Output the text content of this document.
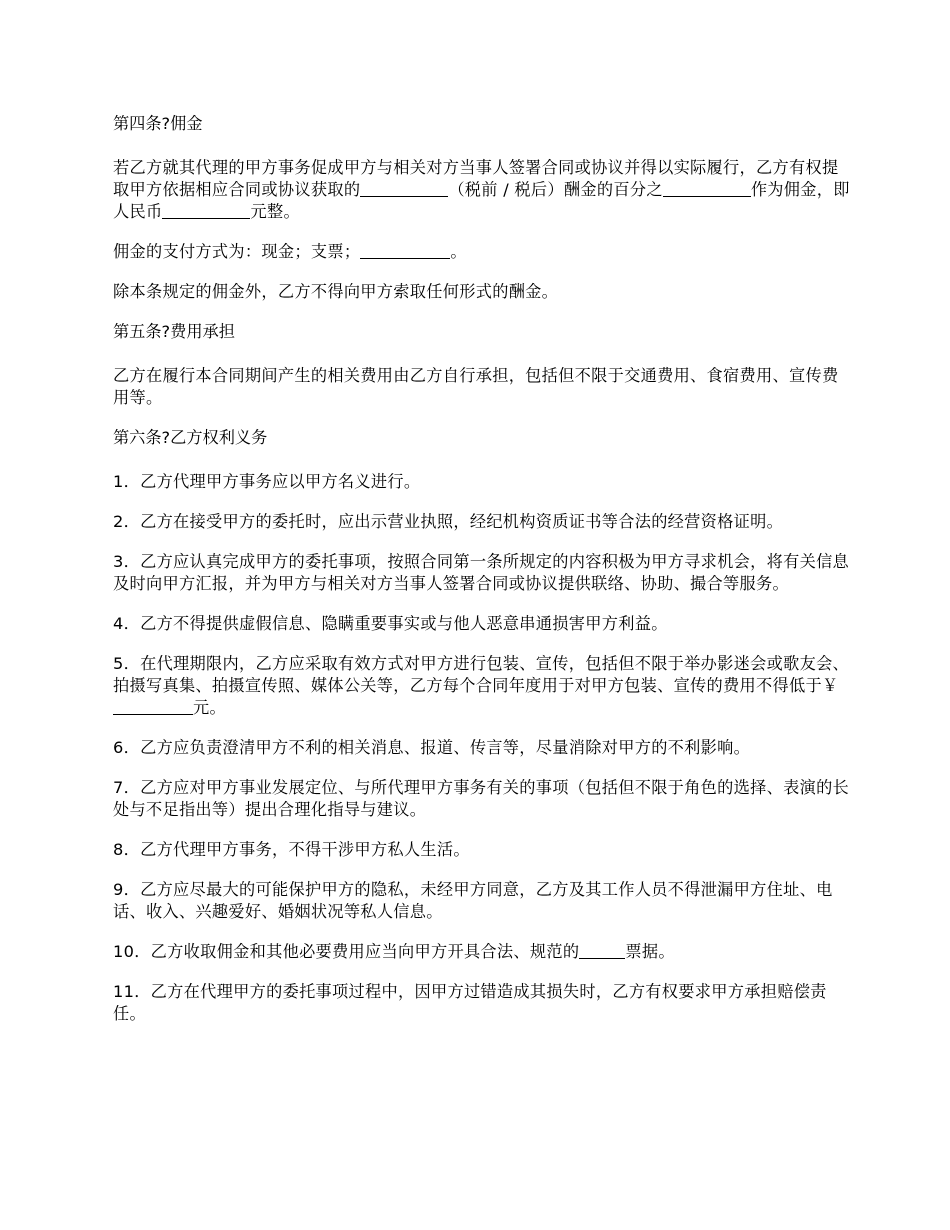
第四条?佣金

若乙方就其代理的甲方事务促成甲方与相关对方当事人签署合同或协议并得以实际履行，乙方有权提取甲方依据相应合同或协议获取的	（税前 / 税后）酬金的百分之	作为佣金，即人民币	元整。

佣金的支付方式为：现金；支票；	。

除本条规定的佣金外，乙方不得向甲方索取任何形式的酬金。

第五条?费用承担

乙方在履行本合同期间产生的相关费用由乙方自行承担，包括但不限于交通费用、食宿费用、宣传费用等。

第六条?乙方权利义务

1．乙方代理甲方事务应以甲方名义进行。

2．乙方在接受甲方的委托时，应出示营业执照，经纪机构资质证书等合法的经营资格证明。

3．乙方应认真完成甲方的委托事项，按照合同第一条所规定的内容积极为甲方寻求机会，将有关信息及时向甲方汇报，并为甲方与相关对方当事人签署合同或协议提供联络、协助、撮合等服务。

4．乙方不得提供虚假信息、隐瞒重要事实或与他人恶意串通损害甲方利益。

5．在代理期限内，乙方应采取有效方式对甲方进行包装、宣传，包括但不限于举办影迷会或歌友会、拍摄写真集、拍摄宣传照、媒体公关等，乙方每个合同年度用于对甲方包装、宣传的费用不得低于￥元。

6．乙方应负责澄清甲方不利的相关消息、报道、传言等，尽量消除对甲方的不利影响。

7．乙方应对甲方事业发展定位、与所代理甲方事务有关的事项（包括但不限于角色的选择、表演的长处与不足指出等）提出合理化指导与建议。

8．乙方代理甲方事务，不得干涉甲方私人生活。

9．乙方应尽最大的可能保护甲方的隐私，未经甲方同意，乙方及其工作人员不得泄漏甲方住址、电话、收入、兴趣爱好、婚姻状况等私人信息。

10．乙方收取佣金和其他必要费用应当向甲方开具合法、规范的	票据。

11．乙方在代理甲方的委托事项过程中，因甲方过错造成其损失时，乙方有权要求甲方承担赔偿责任。
